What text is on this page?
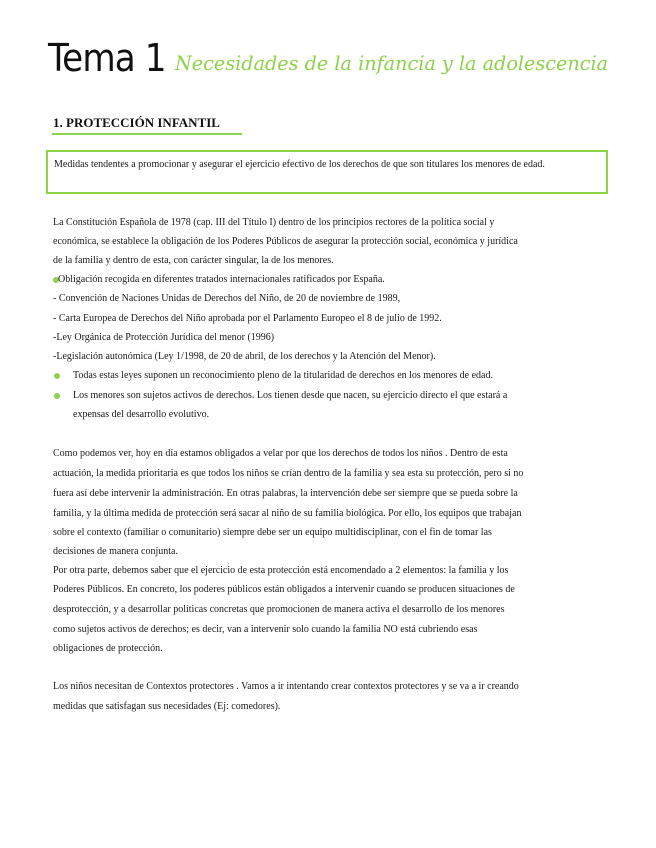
Tema 1 Necesidades de la infancia y la adolescencia
1. PROTECCIÓN INFANTIL
Medidas tendentes a promocionar y asegurar el ejercicio efectivo de los derechos de que son titulares los menores de edad.
La Constitución Española de 1978 (cap. III del Título I) dentro de los principios rectores de la política social y
económica, se establece la obligación de los Poderes Públicos de asegurar la protección social, económica y jurídica
de la familia y dentro de esta, con carácter singular, la de los menores.
Obligación recogida en diferentes tratados internacionales ratificados por España.
- Convención de Naciones Unidas de Derechos del Niño, de 20 de noviembre de 1989,
- Carta Europea de Derechos del Niño aprobada por el Parlamento Europeo el 8 de julio de 1992.
-Ley Orgánica de Protección Jurídica del menor (1996)
-Legislación autonómica (Ley 1/1998, de 20 de abril, de los derechos y la Atención del Menor).
Todas estas leyes suponen un reconocimiento pleno de la titularidad de derechos en los menores de edad.
Los menores son sujetos activos de derechos. Los tienen desde que nacen, su ejercicio directo el que estará a
expensas del desarrollo evolutivo.
Como podemos ver, hoy en día estamos obligados a velar por que los derechos de todos los niños . Dentro de esta
actuación, la medida prioritaria es que todos los niños se crían dentro de la familia y sea esta su protección, pero si no
fuera así debe intervenir la administración. En otras palabras, la intervención debe ser siempre que se pueda sobre la
familia, y la última medida de protección será sacar al niño de su familia biológica. Por ello, los equipos que trabajan
sobre el contexto (familiar o comunitario) siempre debe ser un equipo multidisciplinar, con el fin de tomar las
decisiones de manera conjunta.
Por otra parte, debemos saber que el ejercicio de esta protección está encomendado a 2 elementos: la familia y los
Poderes Públicos. En concreto, los poderes públicos están obligados a intervenir cuando se producen situaciones de
desprotección, y a desarrollar políticas concretas que promocionen de manera activa el desarrollo de los menores
como sujetos activos de derechos; es decir, van a intervenir solo cuando la familia NO está cubriendo esas
obligaciones de protección.
Los niños necesitan de Contextos protectores . Vamos a ir intentando crear contextos protectores y se va a ir creando
medidas que satisfagan sus necesidades (Ej: comedores).
